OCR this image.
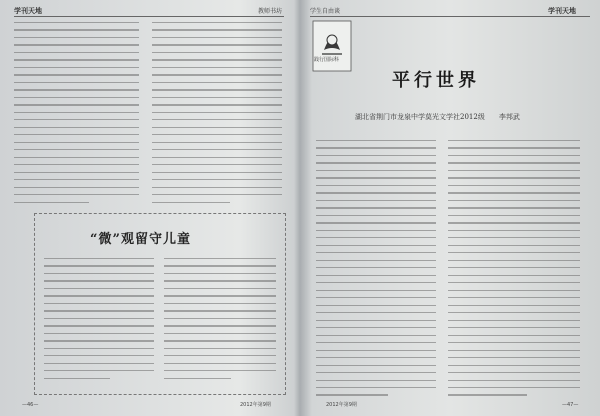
学刊天地	教师书坊
“微”观留守儿童
—46—	2012年第9期
学生自由谈	学刊天地
践行国际科
平行世界
湖北省荆门市龙泉中学莫光文学社2012级　　李邦武
2012年第9期	—47—
